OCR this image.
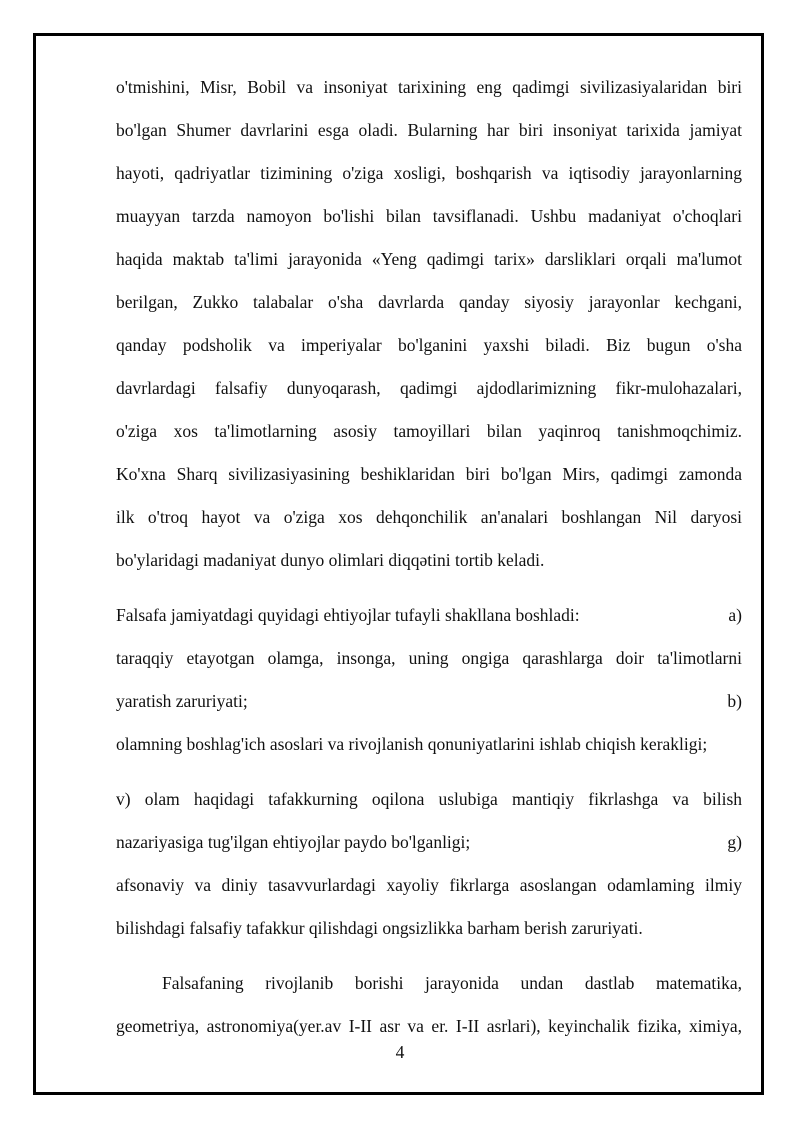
o'tmishini, Misr, Bobil va insoniyat tarixining eng qadimgi sivilizasiyalaridan biri
bo'lgan Shumer davrlarini esga oladi. Bularning har biri insoniyat tarixida jamiyat
hayoti, qadriyatlar tizimining o'ziga xosligi, boshqarish va iqtisodiy jarayonlarning
muayyan tarzda namoyon bo'lishi bilan tavsiflanadi. Ushbu madaniyat o'choqlari
haqida maktab ta'limi jarayonida «Yeng qadimgi tarix» darsliklari orqali ma'lumot
berilgan, Zukko talabalar o'sha davrlarda qanday siyosiy jarayonlar kechgani,
qanday podsholik va imperiyalar bo'lganini yaxshi biladi. Biz bugun o'sha
davrlardagi falsafiy dunyoqarash, qadimgi ajdodlarimizning fikr-mulohazalari,
o'ziga xos ta'limotlarning asosiy tamoyillari bilan yaqinroq tanishmoqchimiz.
Ko'xna Sharq sivilizasiyasining beshiklaridan biri bo'lgan Mirs, qadimgi zamonda
ilk o'troq hayot va o'ziga xos dehqonchilik an'analari boshlangan Nil daryosi
bo'ylaridagi madaniyat dunyo olimlari diqqətini tortib keladi.
Falsafa jamiyatdagi quyidagi ehtiyojlar tufayli shakllana boshladi:	a)
taraqqiy etayotgan olamga, insonga, uning ongiga qarashlarga doir ta'limotlarni
yaratish zaruriyati;	b)
olamning boshlag'ich asoslari va rivojlanish qonuniyatlarini ishlab chiqish kerakligi;
v) olam haqidagi tafakkurning oqilona uslubiga mantiqiy fikrlashga va bilish
nazariyasiga tug'ilgan ehtiyojlar paydo bo'lganligi;	g)
afsonaviy va diniy tasavvurlardagi xayoliy fikrlarga asoslangan odamlaming ilmiy
bilishdagi falsafiy tafakkur qilishdagi ongsizlikka barham berish zaruriyati.
Falsafaning rivojlanib borishi jarayonida undan dastlab matematika,
geometriya, astronomiya(yer.av I-II asr va er. I-II asrlari), keyinchalik fizika, ximiya,
4
